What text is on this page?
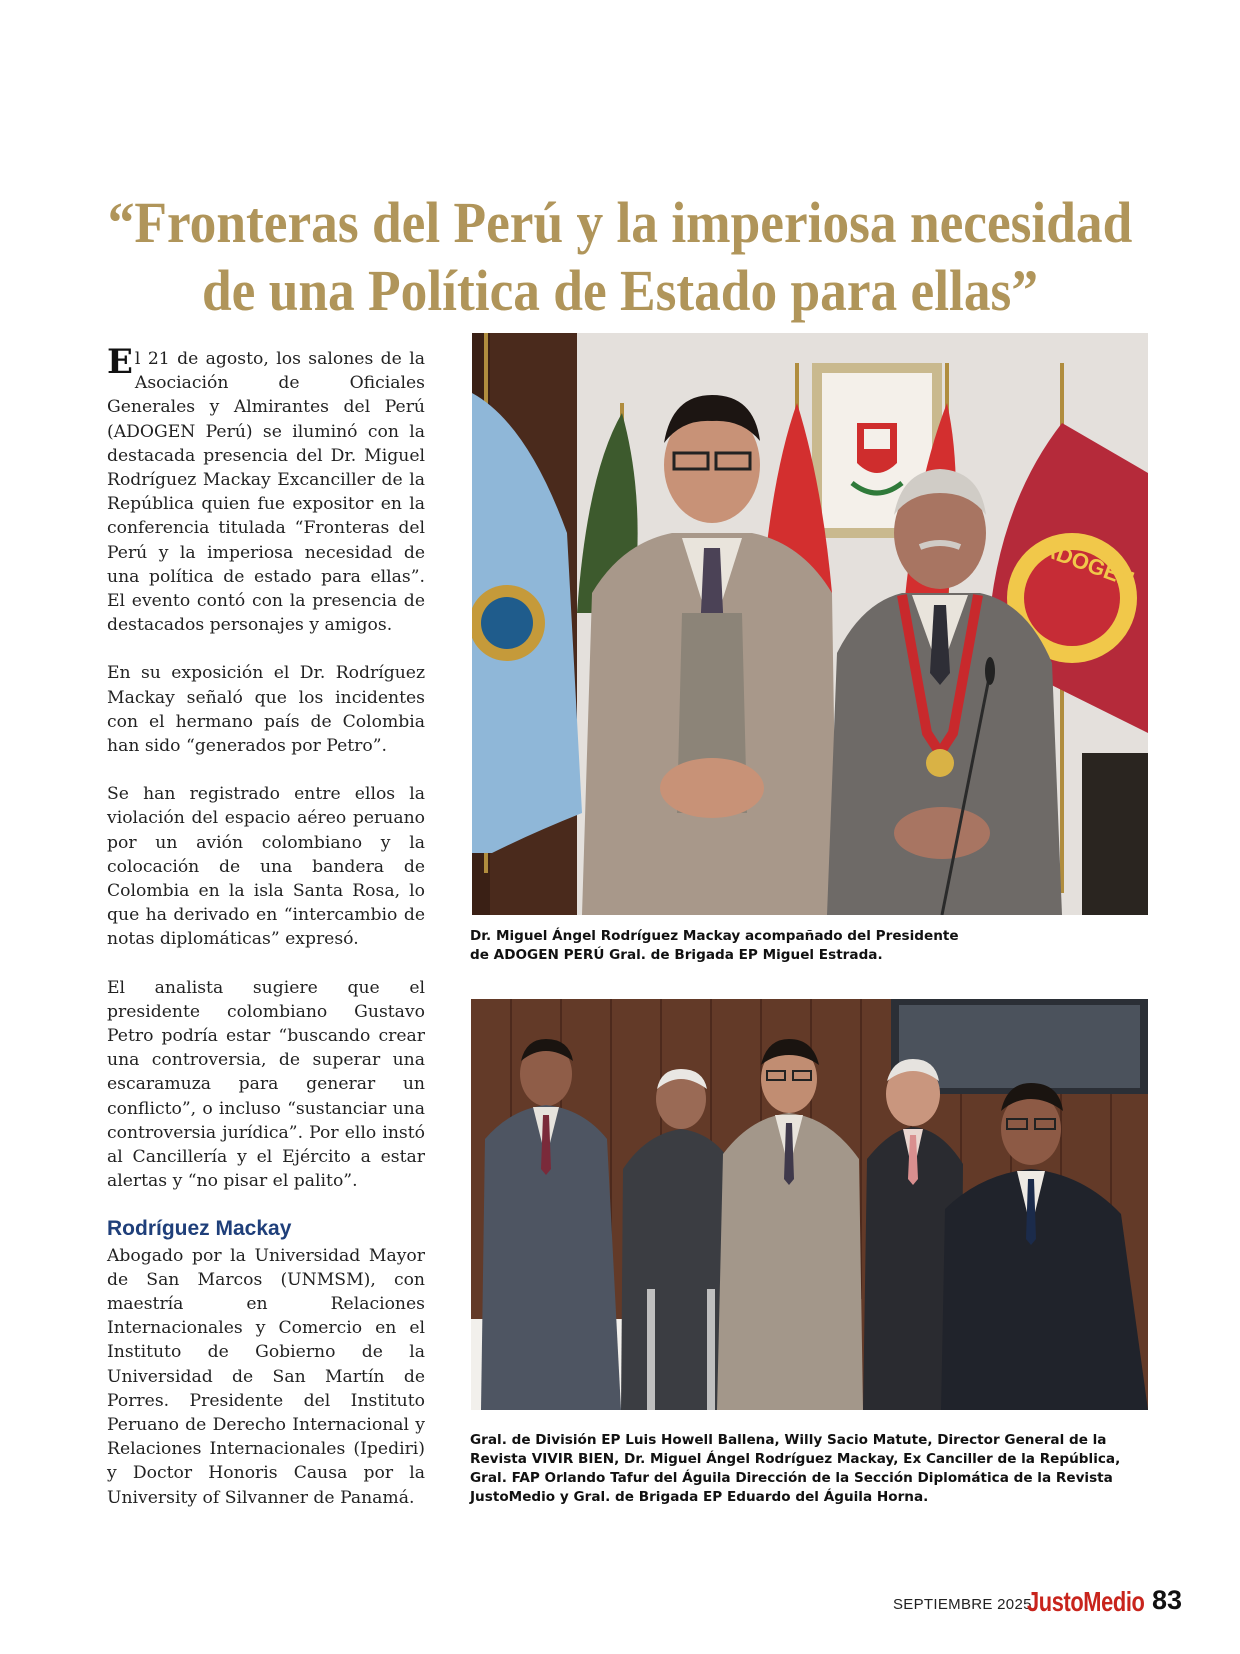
“Fronteras del Perú y la imperiosa necesidad
de una Política de Estado para ellas”

El 21 de agosto, los salones de la Asociación de Oficiales Generales y Almirantes del Perú (ADOGEN Perú) se iluminó con la destacada presencia del Dr. Miguel Rodríguez Mackay Excanciller de la República quien fue expositor en la conferencia titulada “Fronteras del Perú y la imperiosa necesidad de una política de estado para ellas”. El evento contó con la presencia de destacados personajes y amigos.

En su exposición el Dr. Rodríguez Mackay señaló que los incidentes con el hermano país de Colombia han sido “generados por Petro”.

Se han registrado entre ellos la violación del espacio aéreo peruano por un avión colombiano y la colocación de una bandera de Colombia en la isla Santa Rosa, lo que ha derivado en “intercambio de notas diplomáticas” expresó.

El analista sugiere que el presidente colombiano Gustavo Petro podría estar “buscando crear una controversia, de superar una escaramuza para generar un conflicto”, o incluso “sustanciar una controversia jurídica”. Por ello instó al Cancillería y el Ejército a estar alertas y “no pisar el palito”.

Rodríguez Mackay

Abogado por la Universidad Mayor de San Marcos (UNMSM), con maestría en Relaciones Internacionales y Comercio en el Instituto de Gobierno de la Universidad de San Martín de Porres. Presidente del Instituto Peruano de Derecho Internacional y Relaciones Internacionales (Ipediri) y Doctor Honoris Causa por la University of Silvanner de Panamá.

ADOGEN
Dr. Miguel Ángel Rodríguez Mackay acompañado del Presidente
de ADOGEN PERÚ Gral. de Brigada EP Miguel Estrada.
Gral. de División EP Luis Howell Ballena, Willy Sacio Matute, Director General de la
Revista VIVIR BIEN, Dr. Miguel Ángel Rodríguez Mackay, Ex Canciller de la República,
Gral. FAP Orlando Tafur del Águila Dirección de la Sección Diplomática de la Revista
JustoMedio y Gral. de Brigada EP Eduardo del Águila Horna.
SEPTIEMBRE 2025
JustoMedio 83
